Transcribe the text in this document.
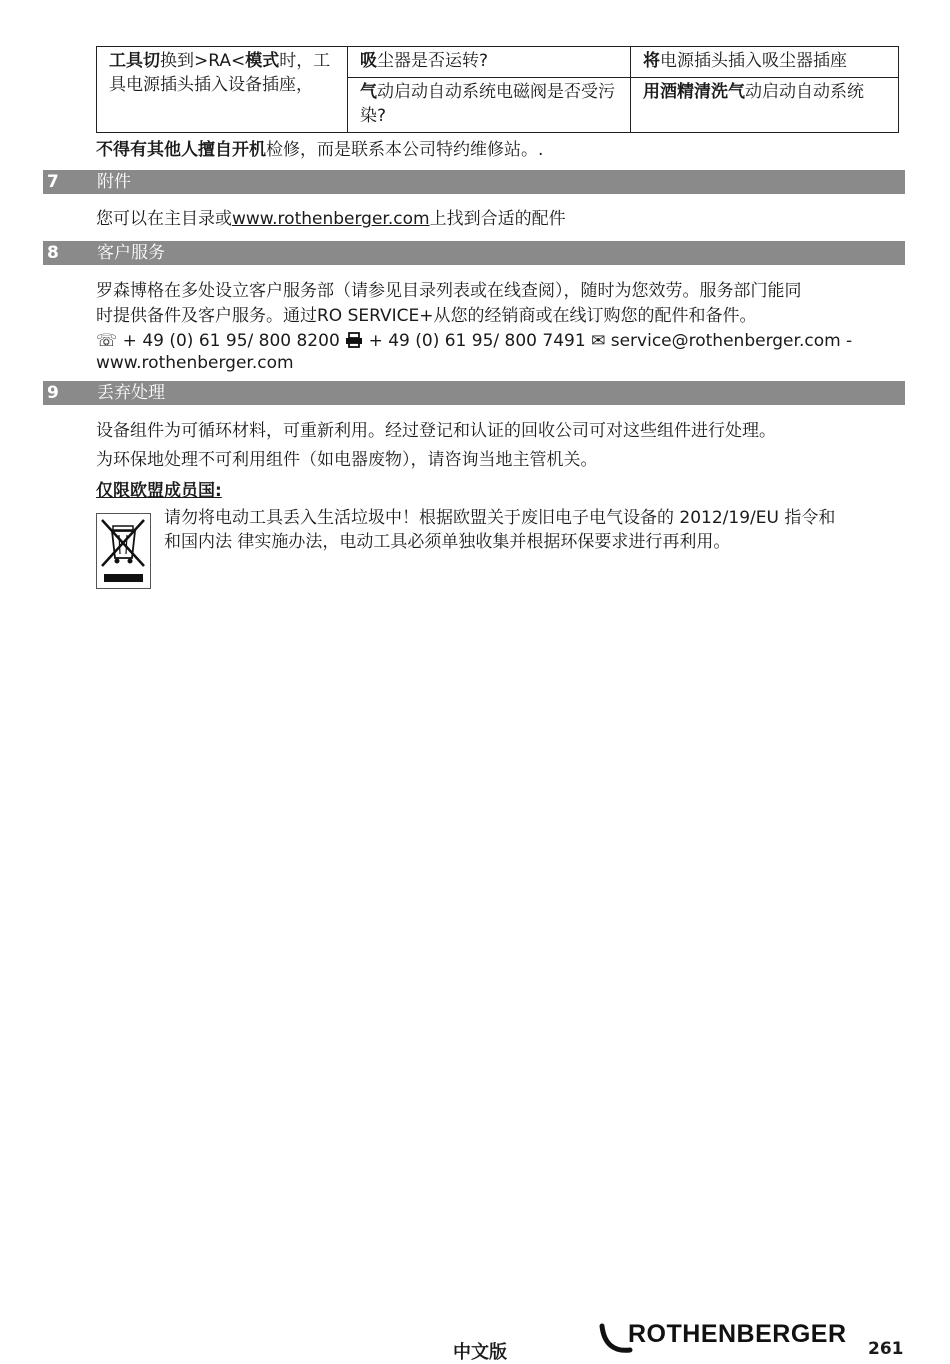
工具切换到>RA<模式时，工具电源插头插入设备插座，	吸尘器是否运转?	将电源插头插入吸尘器插座
	气动启动自动系统电磁阀是否受污染?	用酒精清洗气动启动自动系统
不得有其他人擅自开机检修，而是联系本公司特约维修站。.
7 附件
您可以在主目录或www.rothenberger.com上找到合适的配件
8 客户服务
罗森博格在多处设立客户服务部（请参见目录列表或在线查阅），随时为您效劳。服务部门能同
时提供备件及客户服务。通过RO SERVICE+从您的经销商或在线订购您的配件和备件。
☏ + 49 (0) 61 95/ 800 8200 + 49 (0) 61 95/ 800 7491 ✉ service@rothenberger.com -
www.rothenberger.com
9 丢弃处理
设备组件为可循环材料，可重新利用。经过登记和认证的回收公司可对这些组件进行处理。
为环保地处理不可利用组件（如电器废物），请咨询当地主管机关。
仅限欧盟成员国:
请勿将电动工具丢入生活垃圾中！根据欧盟关于废旧电子电气设备的 2012/19/EU 指令和
和国内法 律实施办法，电动工具必须单独收集并根据环保要求进行再利用。
中文版
ROTHENBERGER
261
